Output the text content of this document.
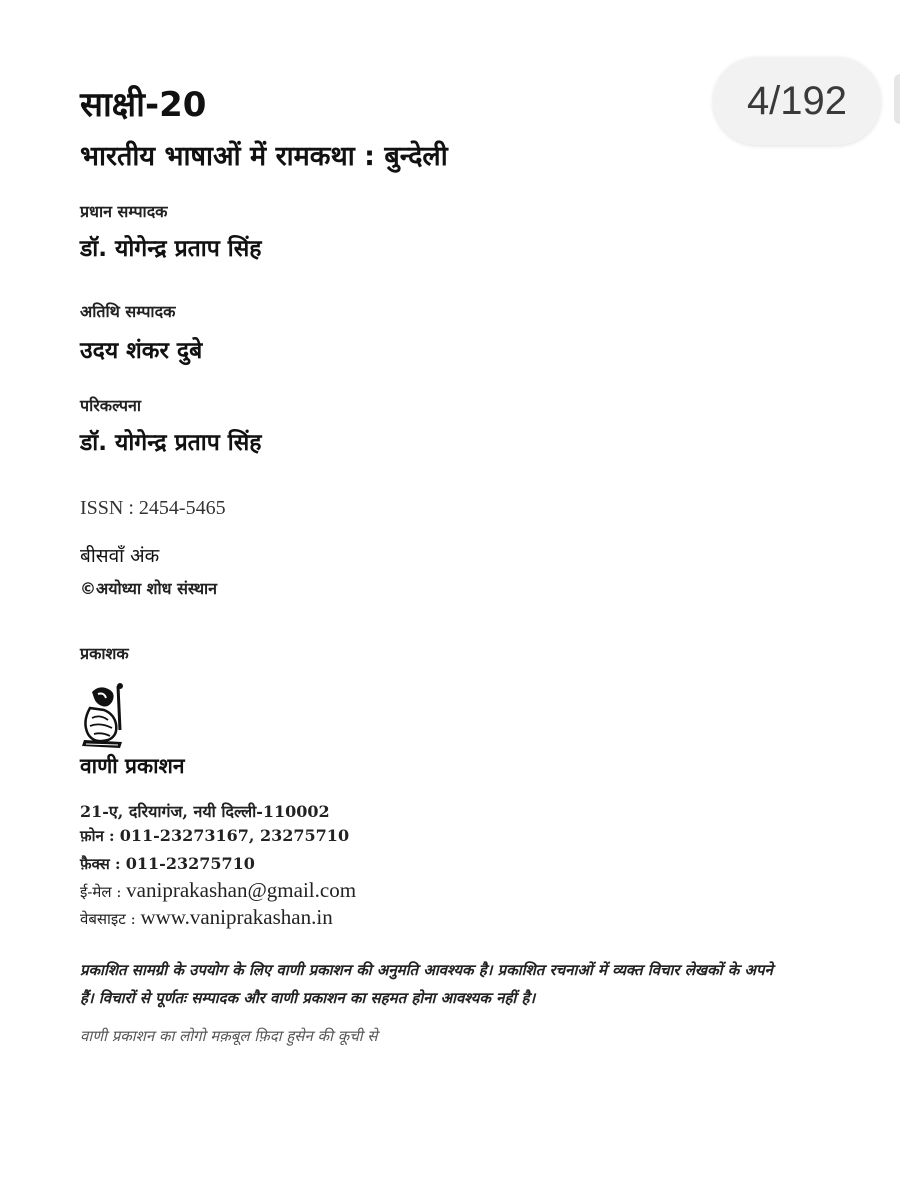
साक्षी-20
भारतीय भाषाओं में रामकथा : बुन्देली
4/192
प्रधान सम्पादक
डॉ. योगेन्द्र प्रताप सिंह
अतिथि सम्पादक
उदय शंकर दुबे
परिकल्पना
डॉ. योगेन्द्र प्रताप सिंह
ISSN : 2454-5465
बीसवाँ अंक
©अयोध्या शोध संस्थान
प्रकाशक
वाणी प्रकाशन
21-ए, दरियागंज, नयी दिल्ली-110002
फ़ोन : 011-23273167, 23275710
फ़ैक्स : 011-23275710
ई-मेल : vaniprakashan@gmail.com
वेबसाइट : www.vaniprakashan.in
प्रकाशित सामग्री के उपयोग के लिए वाणी प्रकाशन की अनुमति आवश्यक है। प्रकाशित रचनाओं में व्यक्त विचार लेखकों के अपने हैं। विचारों से पूर्णतः सम्पादक और वाणी प्रकाशन का सहमत होना आवश्यक नहीं है।
वाणी प्रकाशन का लोगो मक़बूल फ़िदा हुसेन की कूची से
